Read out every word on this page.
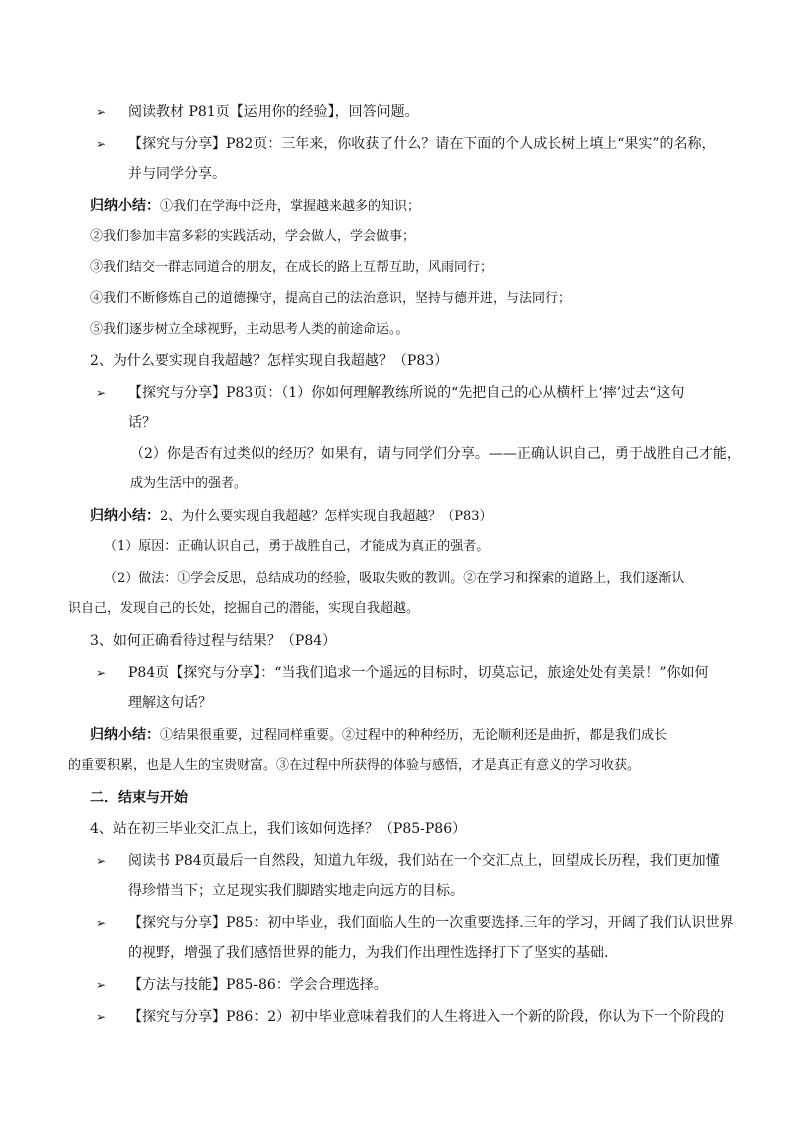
➢ 阅读教材 P81页【运用你的经验】，回答问题。
➢ 【探究与分享】P82页：三年来，你收获了什么？请在下面的个人成长树上填上“果实”的名称，
并与同学分享。
归纳小结：①我们在学海中泛舟，掌握越来越多的知识；
②我们参加丰富多彩的实践活动，学会做人，学会做事；
③我们结交一群志同道合的朋友，在成长的路上互帮互助，风雨同行；
④我们不断修炼自己的道德操守，提高自己的法治意识，坚持与德并进，与法同行；
⑤我们逐步树立全球视野，主动思考人类的前途命运。。
2、为什么要实现自我超越？怎样实现自我超越？（P83）
➢ 【探究与分享】P83页：（1）你如何理解教练所说的“先把自己的心从横杆上‘摔’过去“这句
话？
（2）你是否有过类似的经历？如果有，请与同学们分享。——正确认识自己，勇于战胜自己才能，
成为生活中的强者。
归纳小结：2、为什么要实现自我超越？怎样实现自我超越？（P83）
（1）原因：正确认识自己，勇于战胜自己，才能成为真正的强者。
（2）做法：①学会反思，总结成功的经验，吸取失败的教训。②在学习和探索的道路上，我们逐渐认
识自己，发现自己的长处，挖掘自己的潜能，实现自我超越。
3、如何正确看待过程与结果？（P84）
➢ P84页【探究与分享】：“当我们追求一个遥远的目标时，切莫忘记，旅途处处有美景！”你如何
理解这句话？
归纳小结：①结果很重要，过程同样重要。②过程中的种种经历，无论顺利还是曲折，都是我们成长
的重要积累，也是人生的宝贵财富。③在过程中所获得的体验与感悟，才是真正有意义的学习收获。
二．结束与开始
4、站在初三毕业交汇点上，我们该如何选择？（P85-P86）
➢ 阅读书 P84页最后一自然段，知道九年级，我们站在一个交汇点上，回望成长历程，我们更加懂
得珍惜当下；立足现实我们脚踏实地走向远方的目标。
➢ 【探究与分享】P85：初中毕业，我们面临人生的一次重要选择.三年的学习，开阔了我们认识世界
的视野，增强了我们感悟世界的能力，为我们作出理性选择打下了坚实的基础.
➢ 【方法与技能】P85-86：学会合理选择。
➢ 【探究与分享】P86：2）初中毕业意味着我们的人生将进入一个新的阶段，你认为下一个阶段的
